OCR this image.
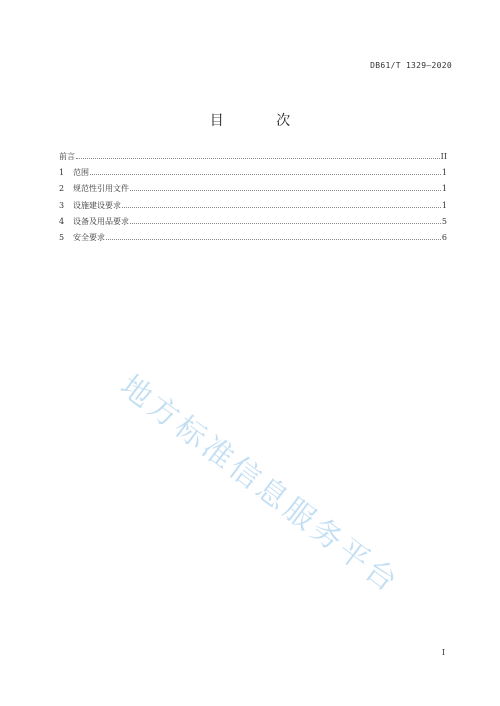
DB61/T 1329—2020
目 次
前言	II
1	范围	1
2	规范性引用文件	1
3	设施建设要求	1
4	设备及用品要求	5
5	安全要求	6
地方标准信息服务平台
I
